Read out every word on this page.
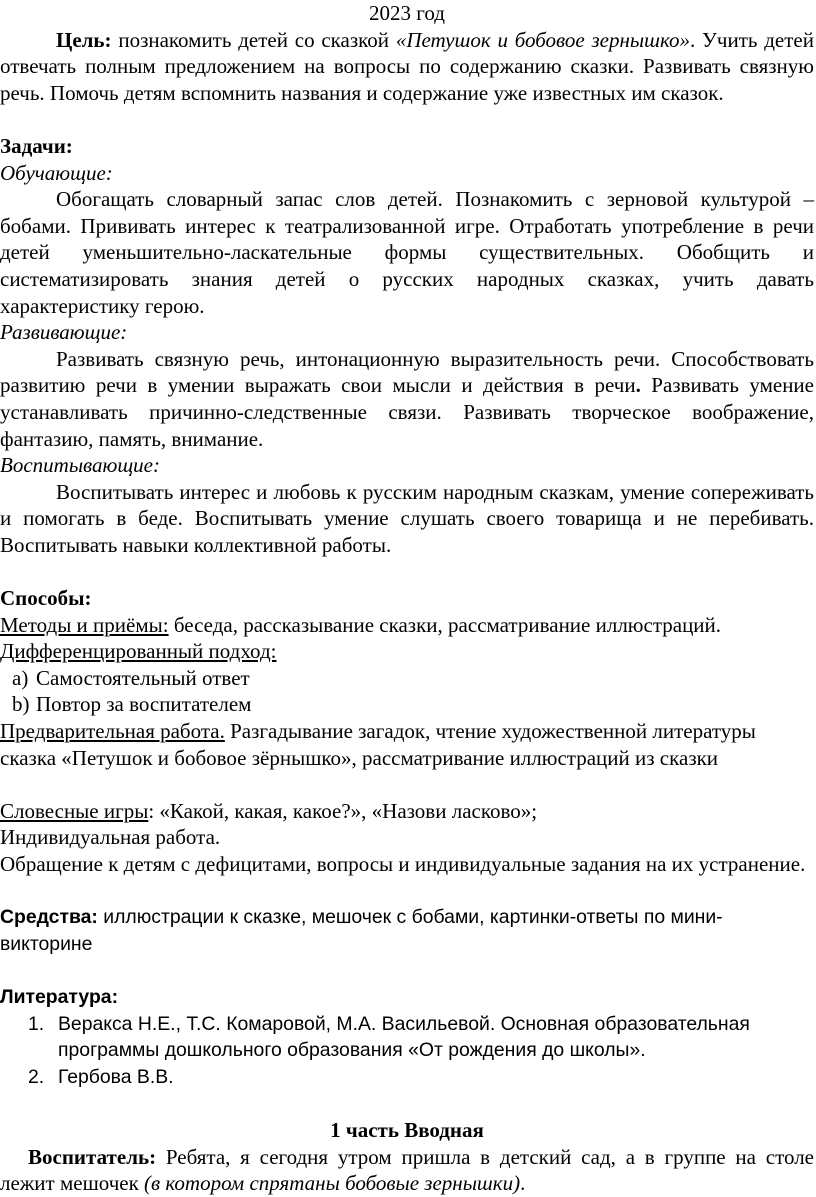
2023 год

Цель: познакомить детей со сказкой «Петушок и бобовое зернышко». Учить детей отвечать полным предложением на вопросы по содержанию сказки. Развивать связную речь. Помочь детям вспомнить названия и содержание уже известных им сказок.

Задачи:

Обучающие:

Обогащать словарный запас слов детей. Познакомить с зерновой культурой – бобами. Прививать интерес к театрализованной игре. Отработать употребление в речи детей уменьшительно-ласкательные формы существительных. Обобщить и систематизировать знания детей о русских народных сказках, учить давать характеристику герою.

Развивающие:

Развивать связную речь, интонационную выразительность речи. Способствовать развитию речи в умении выражать свои мысли и действия в речи. Развивать умение устанавливать причинно-следственные связи. Развивать творческое воображение, фантазию, память, внимание.

Воспитывающие:

Воспитывать интерес и любовь к русским народным сказкам, умение сопереживать и помогать в беде. Воспитывать умение слушать своего товарища и не перебивать. Воспитывать навыки коллективной работы.

Способы:

Методы и приёмы: беседа, рассказывание сказки, рассматривание иллюстраций.

Дифференцированный подход:

a) Самостоятельный ответ
b) Повтор за воспитателем

Предварительная работа. Разгадывание загадок, чтение художественной литературы сказка «Петушок и бобовое зёрнышко», рассматривание иллюстраций из сказки

Словесные игры: «Какой, какая, какое?», «Назови ласково»;

Индивидуальная работа.

Обращение к детям с дефицитами, вопросы и индивидуальные задания на их устранение.

Средства: иллюстрации к сказке, мешочек с бобами, картинки-ответы по мини-викторине

Литература:

1. Веракса Н.Е., Т.С. Комаровой, М.А. Васильевой. Основная образовательная программы дошкольного образования «От рождения до школы».
2. Гербова В.В.

1 часть Вводная

Воспитатель: Ребята, я сегодня утром пришла в детский сад, а в группе на столе лежит мешочек (в котором спрятаны бобовые зернышки).
